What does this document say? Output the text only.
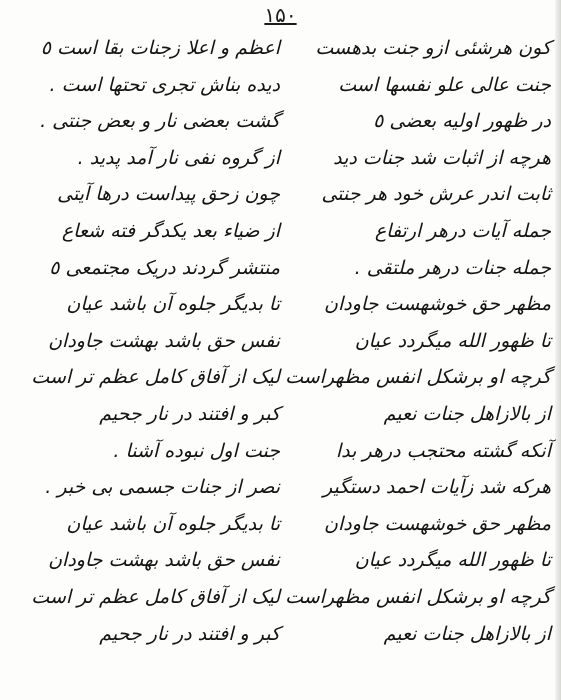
۱۵۰
کون هرشئی ازو جنت بدهست
اعظم و اعلا زجنات بقا است ٥
جنت عالی علو نفسها است
دیده بناش تجری تحتها است .
در ظهور اولیه بعضی ٥
گشت بعضی نار و بعض جنتی .
هرچه از اثبات شد جنات دید
از گروه نفی نار آمد پدید .
ثابت اندر عرش خود هر جنتی
چون زحق پیداست درها آیتی
جمله آیات درهر ارتفاع
از ضیاء بعد یکدگر فته شعاع
جمله جنات درهر ملتقی .
منتشر گردند دریک مجتمعی ٥
مظهر حق خوشهست جاودان
تا بدیگر جلوه آن باشد عیان
تا ظهور الله میگردد عیان
نفس حق باشد بهشت جاودان
گرچه او برشکل انفس مظهراست
لیک از آفاق کامل عظم تر است
از بالازاهل جنات نعیم
کبر و افتند در نار جحیم
آنکه گشته محتجب درهر بدا
جنت اول نبوده آشنا .
هرکه شد زآیات احمد دستگیر
نصر از جنات جسمی بی خبر .
مظهر حق خوشهست جاودان
تا بدیگر جلوه آن باشد عیان
تا ظهور الله میگردد عیان
نفس حق باشد بهشت جاودان
گرچه او برشکل انفس مظهراست
لیک از آفاق کامل عظم تر است
از بالازاهل جنات نعیم
کبر و افتند در نار جحیم
